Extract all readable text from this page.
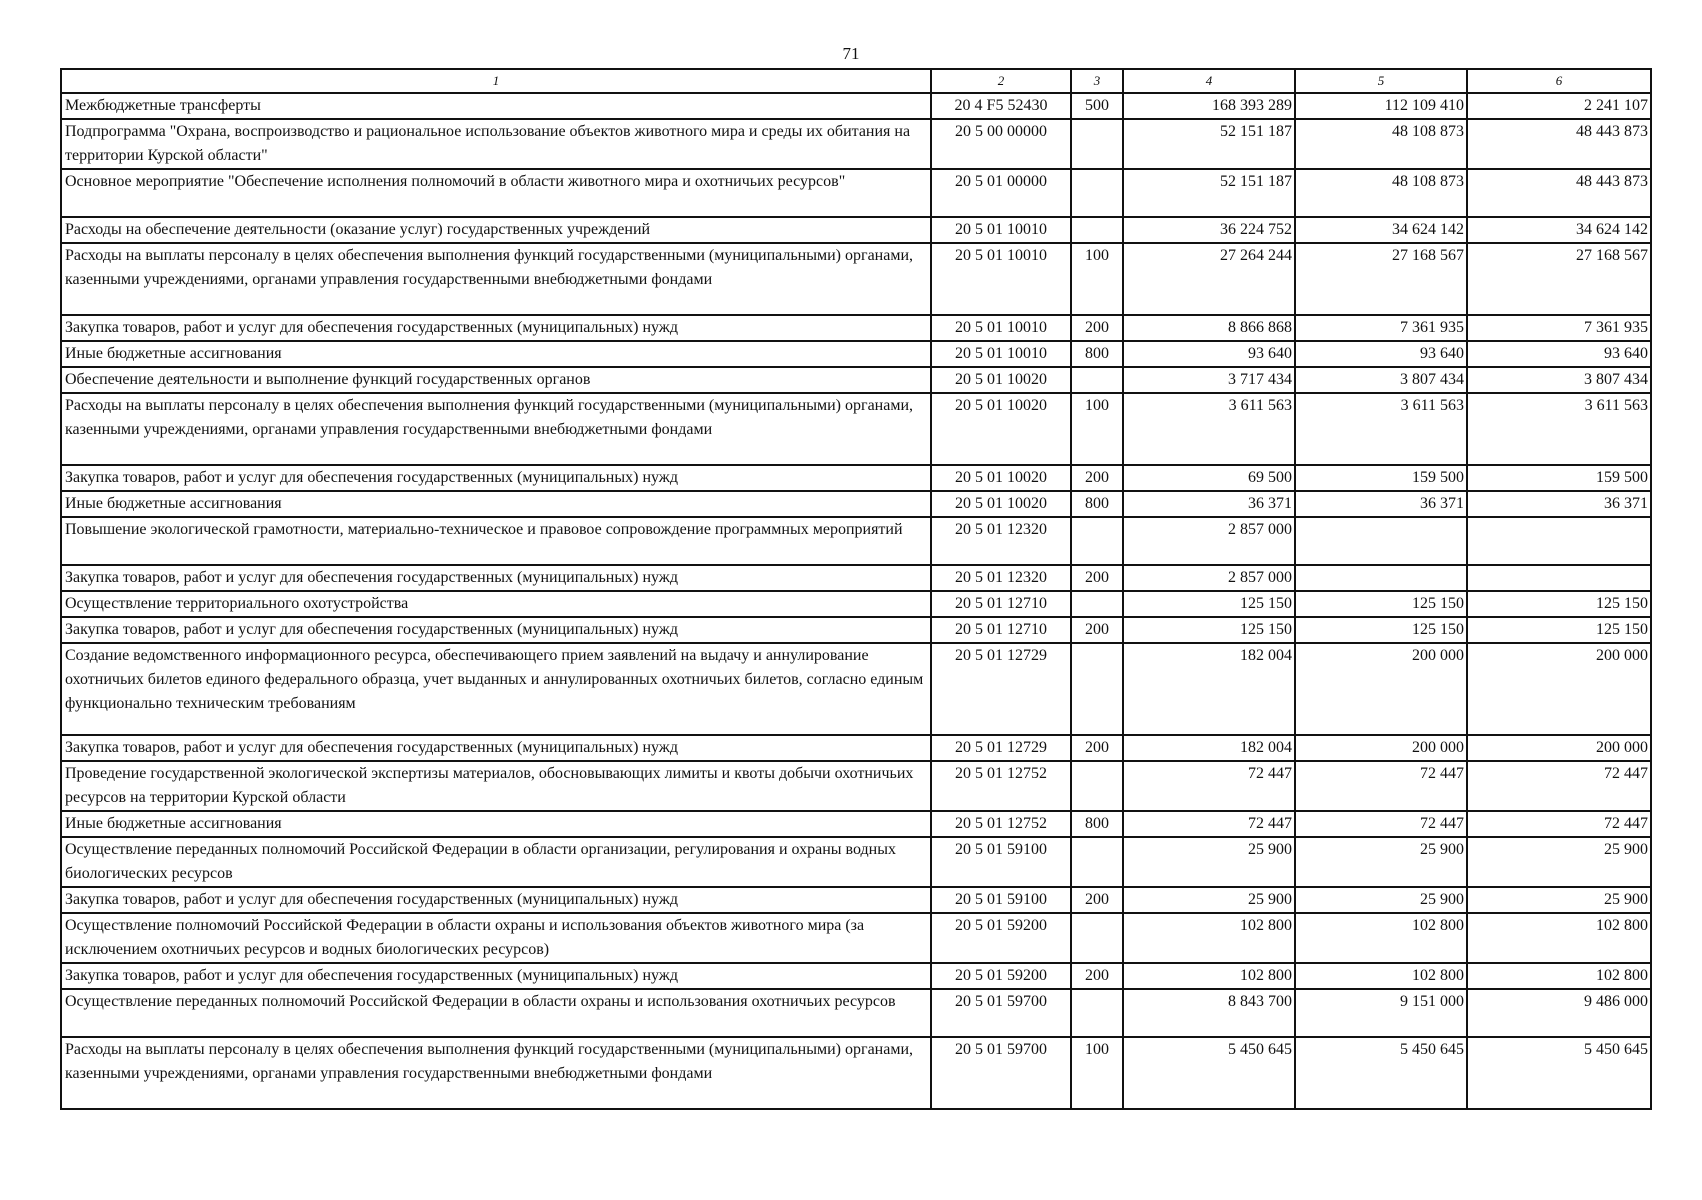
71
1	2	3	4	5	6
Межбюджетные трансферты	20 4 F5 52430	500	168 393 289	112 109 410	2 241 107
Подпрограмма "Охрана, воспроизводство и рациональное использование объектов животного мира и среды их обитания на территории Курской области"	20 5 00 00000		52 151 187	48 108 873	48 443 873
Основное мероприятие "Обеспечение исполнения полномочий в области животного мира и охотничьих ресурсов"	20 5 01 00000		52 151 187	48 108 873	48 443 873
Расходы на обеспечение деятельности (оказание услуг) государственных учреждений	20 5 01 10010		36 224 752	34 624 142	34 624 142
Расходы на выплаты персоналу в целях обеспечения выполнения функций государственными (муниципальными) органами, казенными учреждениями, органами управления государственными внебюджетными фондами	20 5 01 10010	100	27 264 244	27 168 567	27 168 567
Закупка товаров, работ и услуг для обеспечения государственных (муниципальных) нужд	20 5 01 10010	200	8 866 868	7 361 935	7 361 935
Иные бюджетные ассигнования	20 5 01 10010	800	93 640	93 640	93 640
Обеспечение деятельности и выполнение функций государственных органов	20 5 01 10020		3 717 434	3 807 434	3 807 434
Расходы на выплаты персоналу в целях обеспечения выполнения функций государственными (муниципальными) органами, казенными учреждениями, органами управления государственными внебюджетными фондами	20 5 01 10020	100	3 611 563	3 611 563	3 611 563
Закупка товаров, работ и услуг для обеспечения государственных (муниципальных) нужд	20 5 01 10020	200	69 500	159 500	159 500
Иные бюджетные ассигнования	20 5 01 10020	800	36 371	36 371	36 371
Повышение экологической грамотности, материально-техническое и правовое сопровождение программных мероприятий	20 5 01 12320		2 857 000		
Закупка товаров, работ и услуг для обеспечения государственных (муниципальных) нужд	20 5 01 12320	200	2 857 000		
Осуществление территориального охотустройства	20 5 01 12710		125 150	125 150	125 150
Закупка товаров, работ и услуг для обеспечения государственных (муниципальных) нужд	20 5 01 12710	200	125 150	125 150	125 150
Создание ведомственного информационного ресурса, обеспечивающего прием заявлений на выдачу и аннулирование охотничьих билетов единого федерального образца, учет выданных и аннулированных охотничьих билетов, согласно единым функционально техническим требованиям	20 5 01 12729		182 004	200 000	200 000
Закупка товаров, работ и услуг для обеспечения государственных (муниципальных) нужд	20 5 01 12729	200	182 004	200 000	200 000
Проведение государственной экологической экспертизы материалов, обосновывающих лимиты и квоты добычи охотничьих ресурсов на территории Курской области	20 5 01 12752		72 447	72 447	72 447
Иные бюджетные ассигнования	20 5 01 12752	800	72 447	72 447	72 447
Осуществление переданных полномочий Российской Федерации в области организации, регулирования и охраны водных биологических ресурсов	20 5 01 59100		25 900	25 900	25 900
Закупка товаров, работ и услуг для обеспечения государственных (муниципальных) нужд	20 5 01 59100	200	25 900	25 900	25 900
Осуществление полномочий Российской Федерации в области охраны и использования объектов животного мира (за исключением охотничьих ресурсов и водных биологических ресурсов)	20 5 01 59200		102 800	102 800	102 800
Закупка товаров, работ и услуг для обеспечения государственных (муниципальных) нужд	20 5 01 59200	200	102 800	102 800	102 800
Осуществление переданных полномочий Российской Федерации в области охраны и использования охотничьих ресурсов	20 5 01 59700		8 843 700	9 151 000	9 486 000
Расходы на выплаты персоналу в целях обеспечения выполнения функций государственными (муниципальными) органами, казенными учреждениями, органами управления государственными внебюджетными фондами	20 5 01 59700	100	5 450 645	5 450 645	5 450 645
